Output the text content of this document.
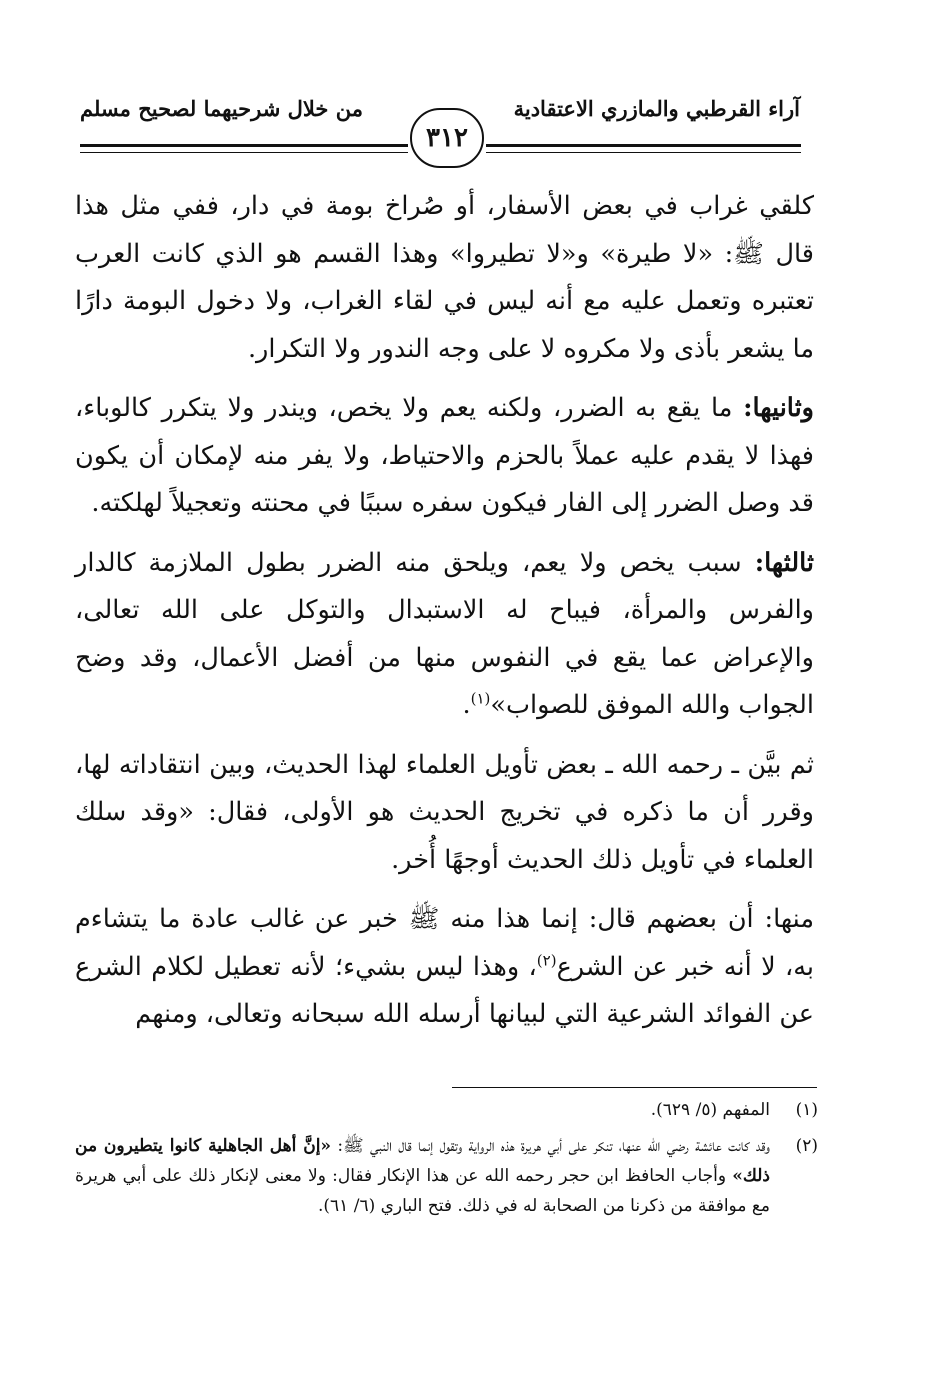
آراء القرطبي والمازري الاعتقادية
من خلال شرحيهما لصحيح مسلم
٣١٢

كلقي غراب في بعض الأسفار، أو صُراخ بومة في دار، ففي مثل هذا قال ﷺ: «لا طيرة» و«لا تطيروا» وهذا القسم هو الذي كانت العرب تعتبره وتعمل عليه مع أنه ليس في لقاء الغراب، ولا دخول البومة دارًا ما يشعر بأذى ولا مكروه لا على وجه الندور ولا التكرار.

وثانيها: ما يقع به الضرر، ولكنه يعم ولا يخص، ويندر ولا يتكرر كالوباء، فهذا لا يقدم عليه عملاً بالحزم والاحتياط، ولا يفر منه لإمكان أن يكون قد وصل الضرر إلى الفار فيكون سفره سببًا في محنته وتعجيلاً لهلكته.

ثالثها: سبب يخص ولا يعم، ويلحق منه الضرر بطول الملازمة كالدار والفرس والمرأة، فيباح له الاستبدال والتوكل على الله تعالى، والإعراض عما يقع في النفوس منها من أفضل الأعمال، وقد وضح الجواب والله الموفق للصواب»$^{(١)}$.

ثم بيَّن ـ رحمه الله ـ بعض تأويل العلماء لهذا الحديث، وبين انتقاداته لها، وقرر أن ما ذكره في تخريج الحديث هو الأولى، فقال: «وقد سلك العلماء في تأويل ذلك الحديث أوجهًا أُخر.

منها: أن بعضهم قال: إنما هذا منه ﷺ خبر عن غالب عادة ما يتشاءم به، لا أنه خبر عن الشرع$^{(٢)}$، وهذا ليس بشيء؛ لأنه تعطيل لكلام الشرع عن الفوائد الشرعية التي لبيانها أرسله الله سبحانه وتعالى، ومنهم

(١)
المفهم (٥/ ٦٢٩).
(٢)
وقد كانت عائشة رضي الله عنها، تنكر على أبي هريرة هذه الرواية وتقول إنما قال النبي ﷺ: «إنَّ أهل الجاهلية كانوا يتطيرون من ذلك» وأجاب الحافظ ابن حجر رحمه الله عن هذا الإنكار فقال: ولا معنى لإنكار ذلك على أبي هريرة مع موافقة من ذكرنا من الصحابة له في ذلك. فتح الباري (٦/ ٦١).
